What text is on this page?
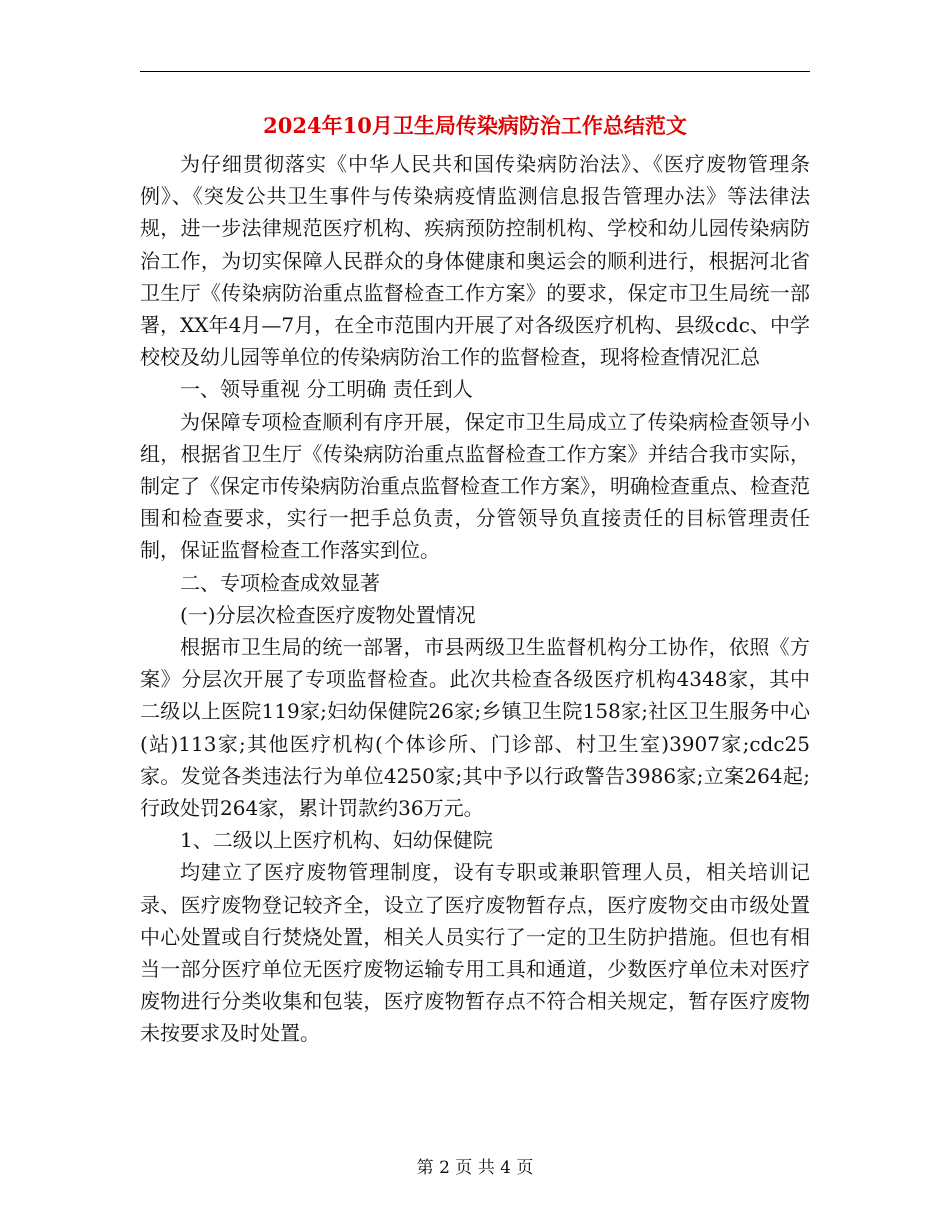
2024年10月卫生局传染病防治工作总结范文

为仔细贯彻落实《中华人民共和国传染病防治法》、《医疗废物管理条例》、《突发公共卫生事件与传染病疫情监测信息报告管理办法》等法律法规，进一步法律规范医疗机构、疾病预防控制机构、学校和幼儿园传染病防治工作，为切实保障人民群众的身体健康和奥运会的顺利进行，根据河北省卫生厅《传染病防治重点监督检查工作方案》的要求，保定市卫生局统一部署，XX年4月—7月，在全市范围内开展了对各级医疗机构、县级cdc、中学校校及幼儿园等单位的传染病防治工作的监督检查，现将检查情况汇总

一、领导重视 分工明确 责任到人

为保障专项检查顺利有序开展，保定市卫生局成立了传染病检查领导小组，根据省卫生厅《传染病防治重点监督检查工作方案》并结合我市实际，制定了《保定市传染病防治重点监督检查工作方案》，明确检查重点、检查范围和检查要求，实行一把手总负责，分管领导负直接责任的目标管理责任制，保证监督检查工作落实到位。

二、专项检查成效显著

(一)分层次检查医疗废物处置情况

根据市卫生局的统一部署，市县两级卫生监督机构分工协作，依照《方案》分层次开展了专项监督检查。此次共检查各级医疗机构4348家，其中二级以上医院119家;妇幼保健院26家;乡镇卫生院158家;社区卫生服务中心(站)113家;其他医疗机构(个体诊所、门诊部、村卫生室)3907家;cdc25家。发觉各类违法行为单位4250家;其中予以行政警告3986家;立案264起;行政处罚264家，累计罚款约36万元。

1、二级以上医疗机构、妇幼保健院

均建立了医疗废物管理制度，设有专职或兼职管理人员，相关培训记录、医疗废物登记较齐全，设立了医疗废物暂存点，医疗废物交由市级处置中心处置或自行焚烧处置，相关人员实行了一定的卫生防护措施。但也有相当一部分医疗单位无医疗废物运输专用工具和通道，少数医疗单位未对医疗废物进行分类收集和包装，医疗废物暂存点不符合相关规定，暂存医疗废物未按要求及时处置。

第 2 页 共 4 页
